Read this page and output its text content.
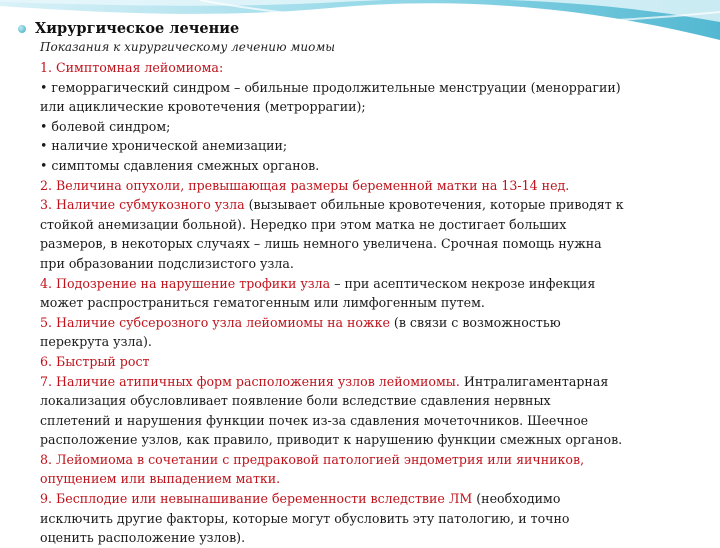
Хирургическое лечение
Показания к хирургическому лечению миомы
1. Симптомная лейомиома:
• геморрагический синдром – обильные продолжительные менструации (меноррагии)
или ациклические кровотечения (метроррагии);
• болевой синдром;
• наличие хронической анемизации;
• симптомы сдавления смежных органов.
2. Величина опухоли, превышающая размеры беременной матки на 13-14 нед.
3. Наличие субмукозного узла (вызывает обильные кровотечения, которые приводят к
стойкой анемизации больной). Нередко при этом матка не достигает больших
размеров, в некоторых случаях – лишь немного увеличена. Срочная помощь нужна
при образовании подслизистого узла.
4. Подозрение на нарушение трофики узла – при асептическом некрозе инфекция
может распространиться гематогенным или лимфогенным путем.
5. Наличие субсерозного узла лейомиомы на ножке (в связи с возможностью
перекрута узла).
6. Быстрый рост
7. Наличие атипичных форм расположения узлов лейомиомы. Интралигаментарная
локализация обусловливает появление боли вследствие сдавления нервных
сплетений и нарушения функции почек из-за сдавления мочеточников. Шеечное
расположение узлов, как правило, приводит к нарушению функции смежных органов.
8. Лейомиома в сочетании с предраковой патологией эндометрия или яичников,
опущением или выпадением матки.
9. Бесплодие или невынашивание беременности вследствие ЛМ (необходимо
исключить другие факторы, которые могут обусловить эту патологию, и точно
оценить расположение узлов).
